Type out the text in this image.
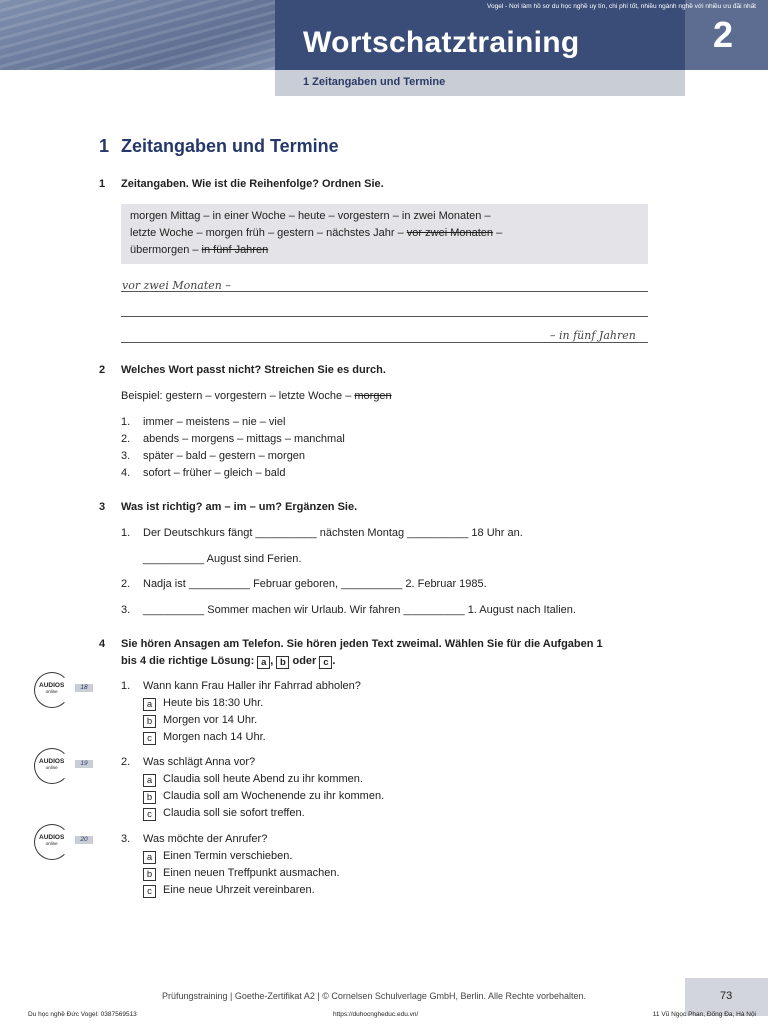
Vogel - Nơi làm hồ sơ du học nghề uy tín, chi phí tốt, nhiều ngành nghề với nhiều ưu đãi nhất
Wortschatztraining	2
1 Zeitangaben und Termine
1 Zeitangaben und Termine
1 Zeitangaben. Wie ist die Reihenfolge? Ordnen Sie.
morgen Mittag – in einer Woche – heute – vorgestern – in zwei Monaten –
letzte Woche – morgen früh – gestern – nächstes Jahr – vor zwei Monaten –
übermorgen – in fünf Jahren
vor zwei Monaten –
– in fünf Jahren
2 Welches Wort passt nicht? Streichen Sie es durch.
Beispiel: gestern – vorgestern – letzte Woche – morgen
1. immer – meistens – nie – viel
2. abends – morgens – mittags – manchmal
3. später – bald – gestern – morgen
4. sofort – früher – gleich – bald
3 Was ist richtig? am – im – um? Ergänzen Sie.
1. Der Deutschkurs fängt __________ nächsten Montag __________ 18 Uhr an.
__________ August sind Ferien.
2. Nadja ist __________ Februar geboren, __________ 2. Februar 1985.
3. __________ Sommer machen wir Urlaub. Wir fahren __________ 1. August nach Italien.
4 Sie hören Ansagen am Telefon. Sie hören jeden Text zweimal. Wählen Sie für die Aufgaben 1
bis 4 die richtige Lösung: a , b oder c .
AUDIOS
online
18	1. Wann kann Frau Haller ihr Fahrrad abholen?
a Heute bis 18:30 Uhr.
b Morgen vor 14 Uhr.
c Morgen nach 14 Uhr.
AUDIOS
online
19	2. Was schlägt Anna vor?
a Claudia soll heute Abend zu ihr kommen.
b Claudia soll am Wochenende zu ihr kommen.
c Claudia soll sie sofort treffen.
AUDIOS
online
20	3. Was möchte der Anrufer?
a Einen Termin verschieben.
b Einen neuen Treffpunkt ausmachen.
c Eine neue Uhrzeit vereinbaren.
Prüfungstraining | Goethe-Zertifikat A2 | © Cornelsen Schulverlage GmbH, Berlin. Alle Rechte vorbehalten.	73
Du học nghề Đức Vogel: 0387569513	https://duhocngheduc.edu.vn/	11 Vũ Ngọc Phan, Đống Đa, Hà Nội
